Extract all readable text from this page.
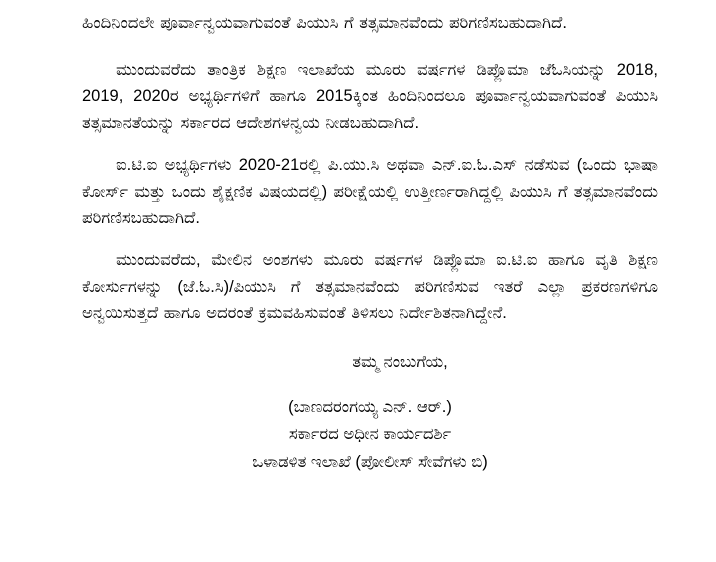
ಹಿಂದಿನಿಂದಲೇ ಪೂರ್ವಾನ್ವಯವಾಗುವಂತೆ ಪಿಯುಸಿ ಗೆ ತತ್ಸಮಾನವೆಂದು ಪರಿಗಣಿಸಬಹುದಾಗಿದೆ.

ಮುಂದುವರೆದು ತಾಂತ್ರಿಕ ಶಿಕ್ಷಣ ಇಲಾಖೆಯ ಮೂರು ವರ್ಷಗಳ ಡಿಪ್ಲೊಮಾ ಜೆಓಸಿಯನ್ನು 2018, 2019, 2020ರ ಅಭ್ಯರ್ಥಿಗಳಿಗೆ ಹಾಗೂ 2015ಕ್ಕಿಂತ ಹಿಂದಿನಿಂದಲೂ ಪೂರ್ವಾನ್ವಯವಾಗುವಂತೆ ಪಿಯುಸಿ ತತ್ಸಮಾನತೆಯನ್ನು ಸರ್ಕಾರದ ಆದೇಶಗಳನ್ವಯ ನೀಡಬಹುದಾಗಿದೆ.

ಐ.ಟಿ.ಐ ಅಭ್ಯರ್ಥಿಗಳು 2020-21ರಲ್ಲಿ ಪಿ.ಯು.ಸಿ ಅಥವಾ ಎನ್.ಐ.ಓ.ಎಸ್ ನಡೆಸುವ (ಒಂದು ಭಾಷಾ ಕೋರ್ಸ್ ಮತ್ತು ಒಂದು ಶೈಕ್ಷಣಿಕ ವಿಷಯದಲ್ಲಿ) ಪರೀಕ್ಷೆಯಲ್ಲಿ ಉತ್ತೀರ್ಣರಾಗಿದ್ದಲ್ಲಿ ಪಿಯುಸಿ ಗೆ ತತ್ಸಮಾನವೆಂದು ಪರಿಗಣಿಸಬಹುದಾಗಿದೆ.

ಮುಂದುವರೆದು, ಮೇಲಿನ ಅಂಶಗಳು ಮೂರು ವರ್ಷಗಳ ಡಿಪ್ಲೊಮಾ ಐ.ಟಿ.ಐ ಹಾಗೂ ವೃತಿ ಶಿಕ್ಷಣ ಕೋರ್ಸುಗಳನ್ನು (ಜೆ.ಓ.ಸಿ)/ಪಿಯುಸಿ ಗೆ ತತ್ಸಮಾನವೆಂದು ಪರಿಗಣಿಸುವ ಇತರೆ ಎಲ್ಲಾ ಪ್ರಕರಣಗಳಿಗೂ ಅನ್ವಯಿಸುತ್ತದೆ ಹಾಗೂ ಅದರಂತೆ ಕ್ರಮವಹಿಸುವಂತೆ ತಿಳಿಸಲು ನಿರ್ದೇಶಿತನಾಗಿದ್ದೇನೆ.

ತಮ್ಮ ನಂಬುಗೆಯ,
(ಬಾಣದರಂಗಯ್ಯ ಎನ್. ಆರ್.)
ಸರ್ಕಾರದ ಅಧೀನ ಕಾರ್ಯದರ್ಶಿ
ಒಳಾಡಳಿತ ಇಲಾಖೆ (ಪೋಲೀಸ್ ಸೇವೆಗಳು ಬಿ)
